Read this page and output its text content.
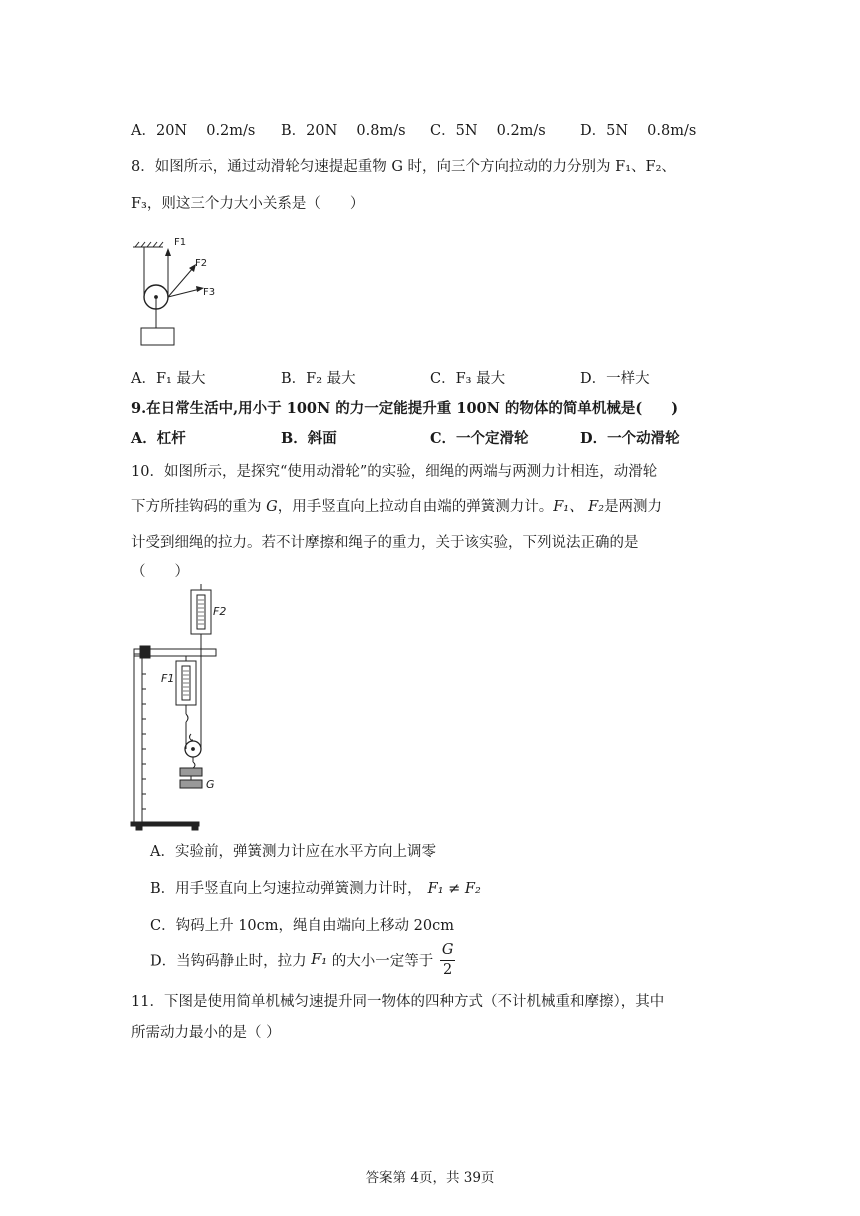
A．20N　 0.2m/s B．20N　 0.8m/s C．5N　 0.2m/s D．5N　 0.8m/s
8．如图所示，通过动滑轮匀速提起重物 G 时，向三个方向拉动的力分别为 F₁、F₂、
F₃，则这三个力大小关系是（　　）
F1
F2
F3
A．F₁ 最大	B．F₂ 最大	C．F₃ 最大	D．一样大
9.在日常生活中,用小于 100N 的力一定能提升重 100N 的物体的简单机械是(　　)
A．杠杆	B．斜面	C．一个定滑轮	D．一个动滑轮
10．如图所示，是探究“使用动滑轮”的实验，细绳的两端与两测力计相连，动滑轮
下方所挂钩码的重为 G，用手竖直向上拉动自由端的弹簧测力计。F₁、 F₂是两测力
计受到细绳的拉力。若不计摩擦和绳子的重力，关于该实验，下列说法正确的是
（　　）
F2
F1
G
A．实验前，弹簧测力计应在水平方向上调零
B．用手竖直向上匀速拉动弹簧测力计时， F₁ ≠ F₂
C．钩码上升 10cm，绳自由端向上移动 20cm
D．当钩码静止时，拉力 F₁ 的大小一定等于 $\frac{G}{2}$
11．下图是使用简单机械匀速提升同一物体的四种方式（不计机械重和摩擦），其中
所需动力最小的是（ ）
答案第 4页，共 39页
